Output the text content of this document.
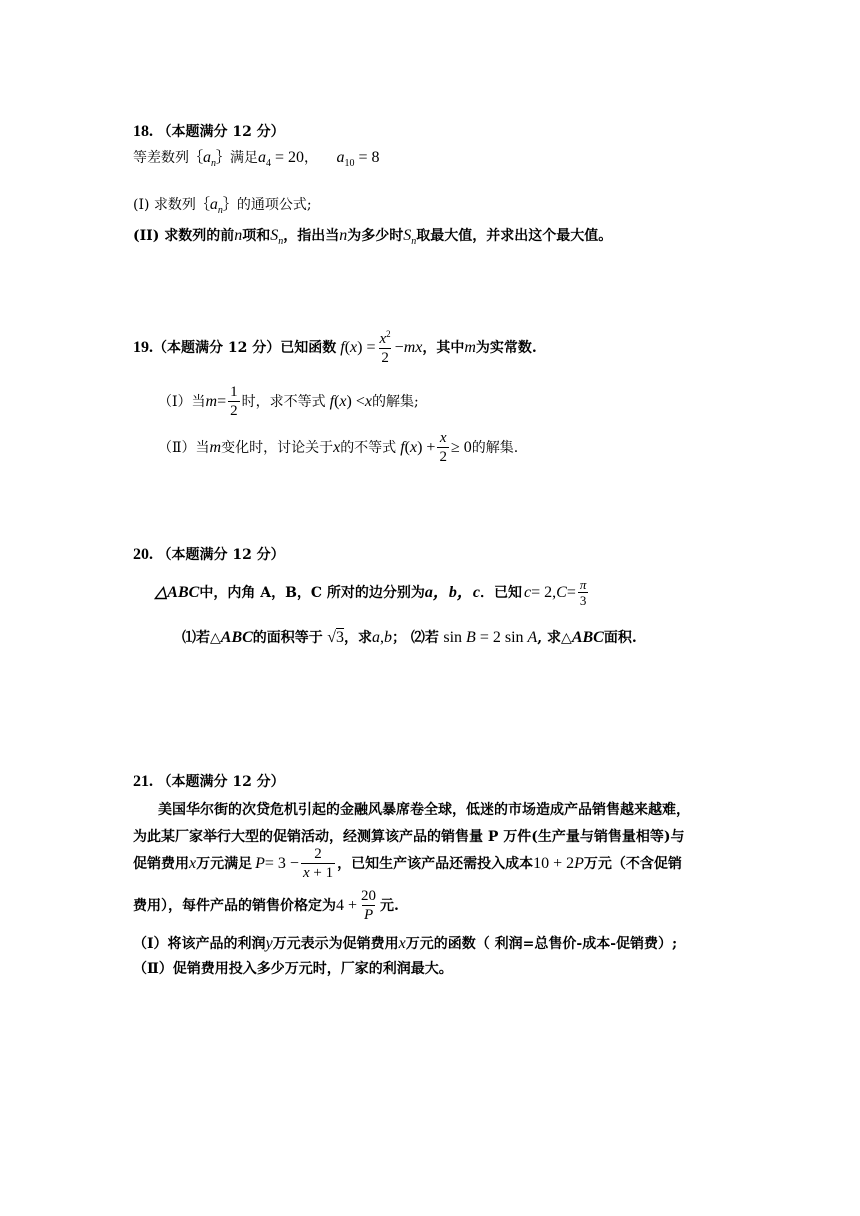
18. （本题满分 12 分）
等差数列$\{a_n\}$满足$a_4 = 20$， $a_{10} = 8$
(I) 求数列$\{a_n\}$的通项公式;
(II) 求数列的前n项和$S_n$，指出当n为多少时$S_n$取最大值，并求出这个最大值。
19. （本题满分 12 分） 已知函数 f ( x ) = $\frac{x^2}{2}$ − mx ，其中 m 为实常数.
（Ⅰ）当 $m = \frac{1}{2}$ 时，求不等式 f ( x ) < x 的解集;
（Ⅱ）当 m 变化时，讨论关于 x 的不等式 f ( x ) + $\frac{x}{2} \ge 0$ 的解集.
20. （本题满分 12 分）
△ABC 中，内角 A，B，C 所对的边分别为 a，b，c ．已知 c = 2, $C = \frac{\pi}{3}$
⑴若△ABC的面积等于 √3，求a,b； ⑵若 sin B = 2 sin A, 求△ABC面积.
21. （本题满分 12 分）
美国华尔街的次贷危机引起的金融风暴席卷全球，低迷的市场造成产品销售越来越难，
为此某厂家举行大型的促销活动，经测算该产品的销售量 P 万件(生产量与销售量相等)与
促销费用 x 万元满足 $P = 3 - \frac{2}{x + 1}$ ，已知生产该产品还需投入成本 10 + 2 P 万元（不含促销
费用），每件产品的销售价格定为 $4 + \frac{20}{P}$ 元.
（Ⅰ）将该产品的利润y万元表示为促销费用x万元的函数（ 利润=总售价-成本-促销费）;
（Ⅱ）促销费用投入多少万元时，厂家的利润最大。
